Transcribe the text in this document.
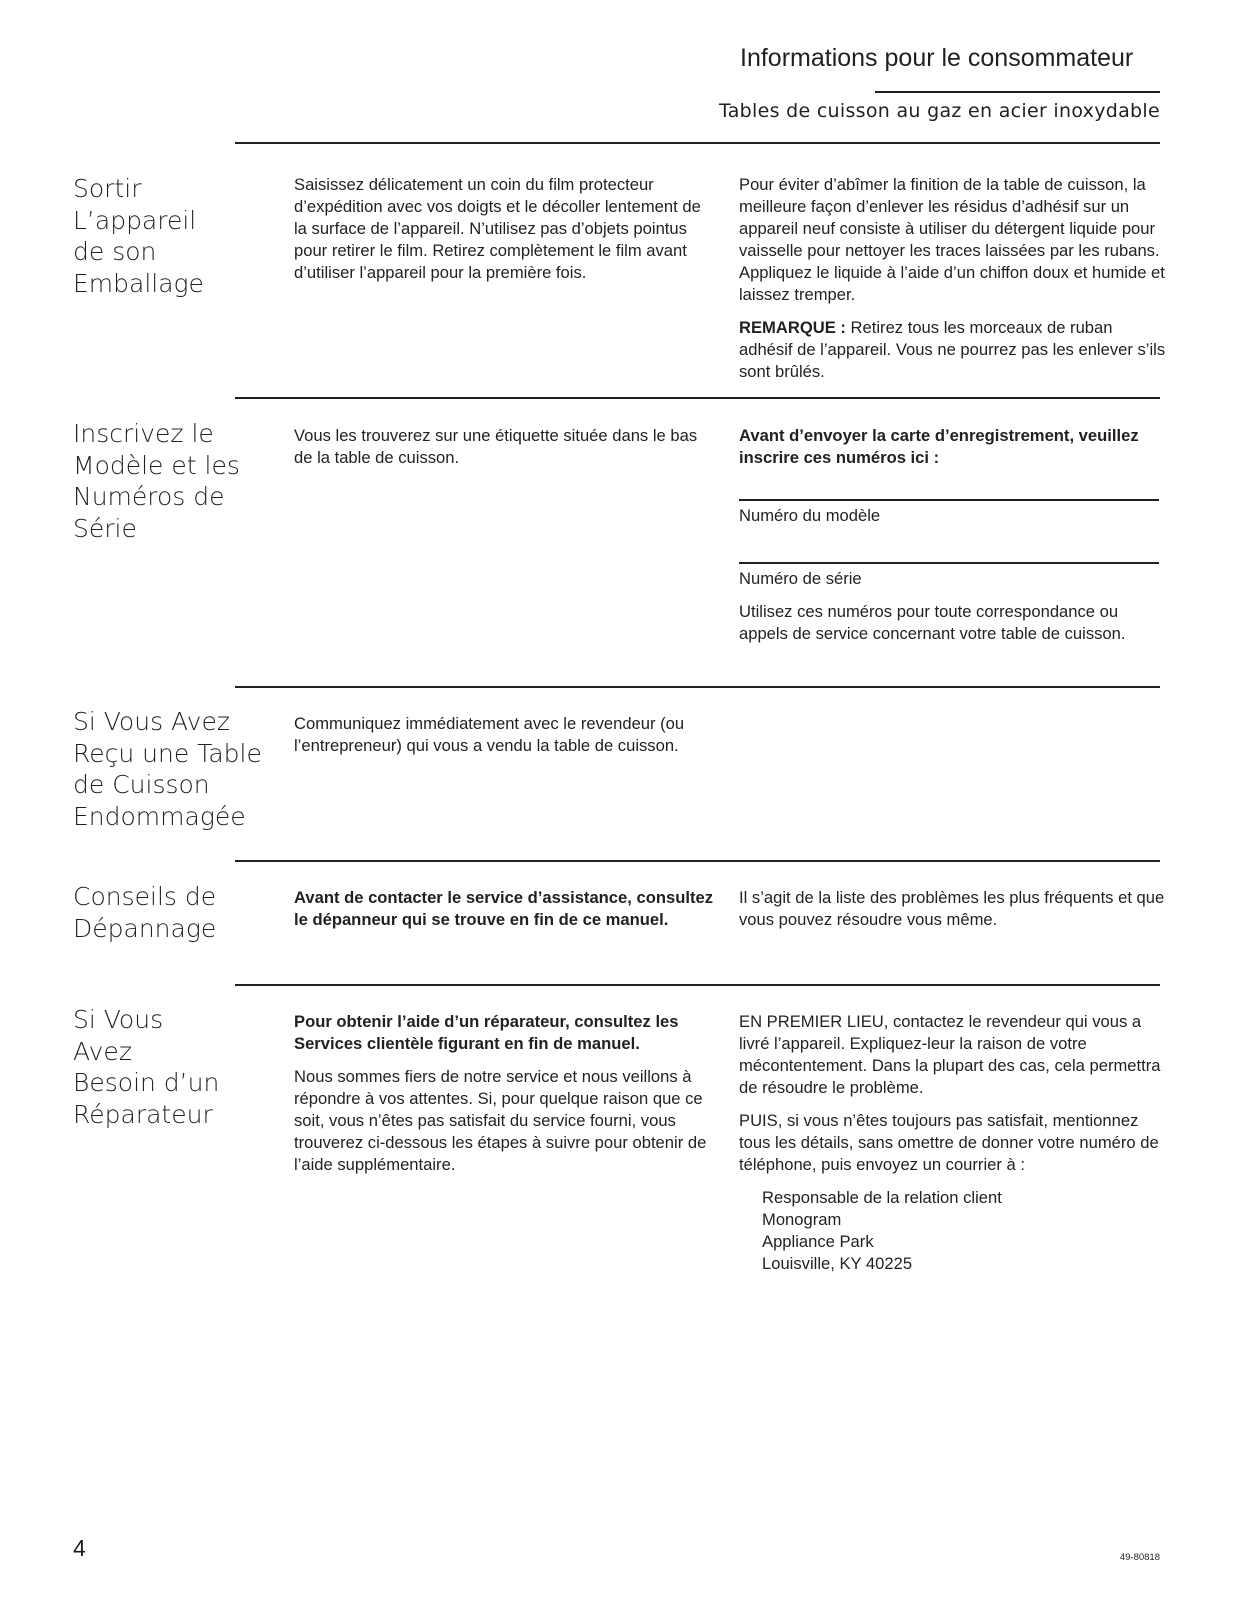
Informations pour le consommateur
Tables de cuisson au gaz en acier inoxydable
Sortir
L’appareil
de son
Emballage

Saisissez délicatement un coin du film protecteur d’expédition avec vos doigts et le décoller lentement de la surface de l’appareil. N’utilisez pas d’objets pointus pour retirer le film. Retirez complètement le film avant d’utiliser l’appareil pour la première fois.

Pour éviter d’abîmer la finition de la table de cuisson, la meilleure façon d’enlever les résidus d’adhésif sur un appareil neuf consiste à utiliser du détergent liquide pour vaisselle pour nettoyer les traces laissées par les rubans. Appliquez le liquide à l’aide d’un chiffon doux et humide et laissez tremper.

REMARQUE : Retirez tous les morceaux de ruban adhésif de l’appareil. Vous ne pourrez pas les enlever s’ils sont brûlés.

Inscrivez le
Modèle et les
Numéros de
Série

Vous les trouverez sur une étiquette située dans le bas de la table de cuisson.

Avant d’envoyer la carte d’enregistrement, veuillez inscrire ces numéros ici :

Numéro du modèle

Numéro de série

Utilisez ces numéros pour toute correspondance ou appels de service concernant votre table de cuisson.

Si Vous Avez
Reçu une Table
de Cuisson
Endommagée

Communiquez immédiatement avec le revendeur (ou l’entrepreneur) qui vous a vendu la table de cuisson.

Conseils de
Dépannage

Avant de contacter le service d’assistance, consultez le dépanneur qui se trouve en fin de ce manuel.

Il s’agit de la liste des problèmes les plus fréquents et que vous pouvez résoudre vous même.

Si Vous
Avez
Besoin d’un
Réparateur

Pour obtenir l’aide d’un réparateur, consultez les Services clientèle figurant en fin de manuel.

Nous sommes fiers de notre service et nous veillons à répondre à vos attentes. Si, pour quelque raison que ce soit, vous n’êtes pas satisfait du service fourni, vous trouverez ci-dessous les étapes à suivre pour obtenir de l’aide supplémentaire.

EN PREMIER LIEU, contactez le revendeur qui vous a livré l’appareil. Expliquez-leur la raison de votre mécontentement. Dans la plupart des cas, cela permettra de résoudre le problème.

PUIS, si vous n’êtes toujours pas satisfait, mentionnez tous les détails, sans omettre de donner votre numéro de téléphone, puis envoyez un courrier à :

Responsable de la relation client
Monogram
Appliance Park
Louisville, KY 40225
4	49-80818
